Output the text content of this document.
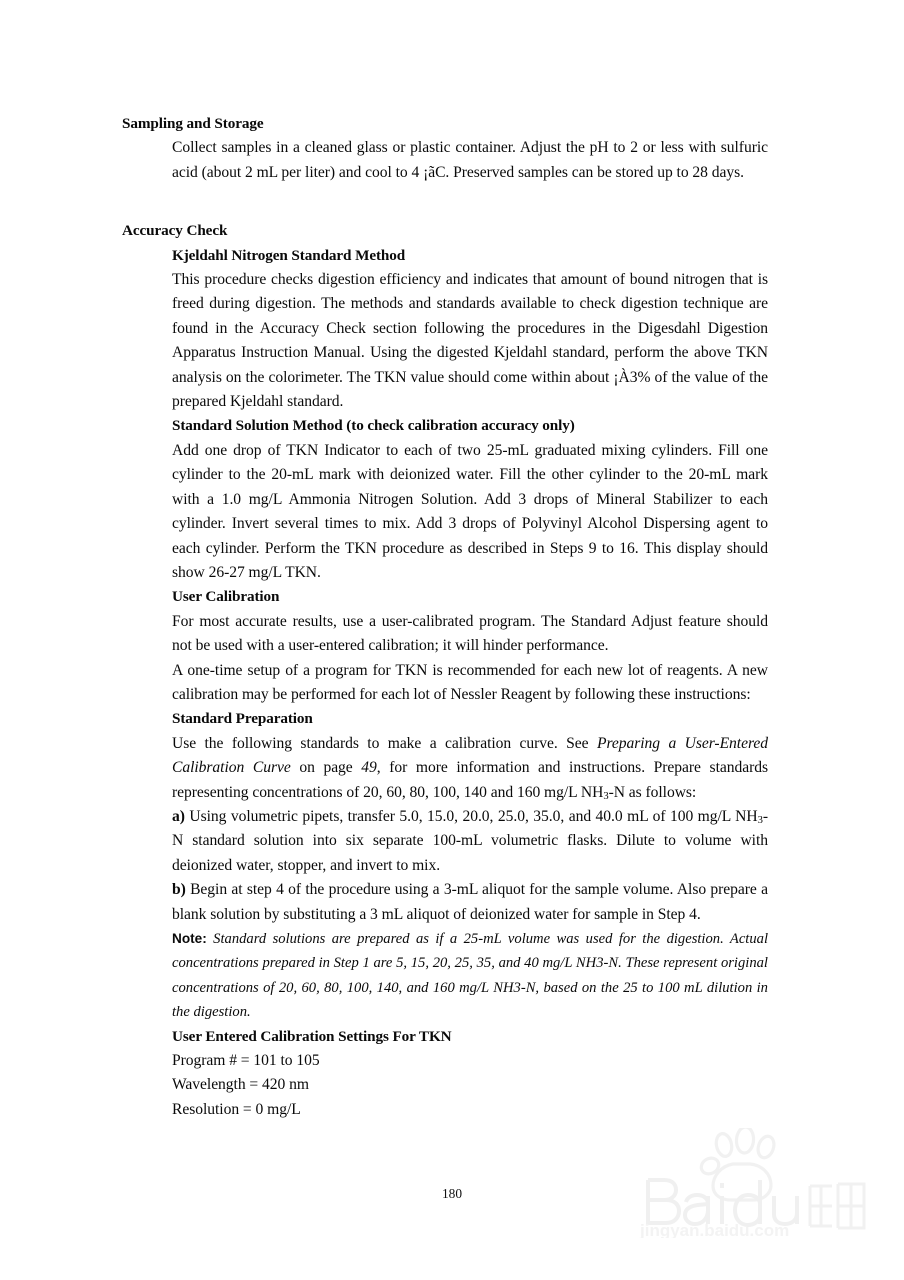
Sampling and Storage

Collect samples in a cleaned glass or plastic container. Adjust the pH to 2 or less with sulfuric acid (about 2 mL per liter) and cool to 4 ¡ãC. Preserved samples can be stored up to 28 days.

Accuracy Check

Kjeldahl Nitrogen Standard Method

This procedure checks digestion efficiency and indicates that amount of bound nitrogen that is freed during digestion. The methods and standards available to check digestion technique are found in the Accuracy Check section following the procedures in the Digesdahl Digestion Apparatus Instruction Manual. Using the digested Kjeldahl standard, perform the above TKN analysis on the colorimeter. The TKN value should come within about ¡À3% of the value of the prepared Kjeldahl standard.

Standard Solution Method (to check calibration accuracy only)

Add one drop of TKN Indicator to each of two 25-mL graduated mixing cylinders. Fill one cylinder to the 20-mL mark with deionized water. Fill the other cylinder to the 20-mL mark with a 1.0 mg/L Ammonia Nitrogen Solution. Add 3 drops of Mineral Stabilizer to each cylinder. Invert several times to mix. Add 3 drops of Polyvinyl Alcohol Dispersing agent to each cylinder. Perform the TKN procedure as described in Steps 9 to 16. This display should show 26-27 mg/L TKN.

User Calibration

For most accurate results, use a user-calibrated program. The Standard Adjust feature should not be used with a user-entered calibration; it will hinder performance.

A one-time setup of a program for TKN is recommended for each new lot of reagents. A new calibration may be performed for each lot of Nessler Reagent by following these instructions:

Standard Preparation

Use the following standards to make a calibration curve. See Preparing a User-Entered Calibration Curve on page 49, for more information and instructions. Prepare standards representing concentrations of 20, 60, 80, 100, 140 and 160 mg/L $NH_3-N$ as follows:

a) Using volumetric pipets, transfer 5.0, 15.0, 20.0, 25.0, 35.0, and 40.0 mL of 100 mg/L $NH_3-N$ standard solution into six separate 100-mL volumetric flasks. Dilute to volume with deionized water, stopper, and invert to mix.

b) Begin at step 4 of the procedure using a 3-mL aliquot for the sample volume. Also prepare a blank solution by substituting a 3 mL aliquot of deionized water for sample in Step 4.

Note: Standard solutions are prepared as if a 25-mL volume was used for the digestion. Actual concentrations prepared in Step 1 are 5, 15, 20, 25, 35, and 40 mg/L NH3-N. These represent original concentrations of 20, 60, 80, 100, 140, and 160 mg/L NH3-N, based on the 25 to 100 mL dilution in the digestion.

User Entered Calibration Settings For TKN

Program # = 101 to 105

Wavelength = 420 nm

Resolution = 0 mg/L

180
jingyan.baidu.com
